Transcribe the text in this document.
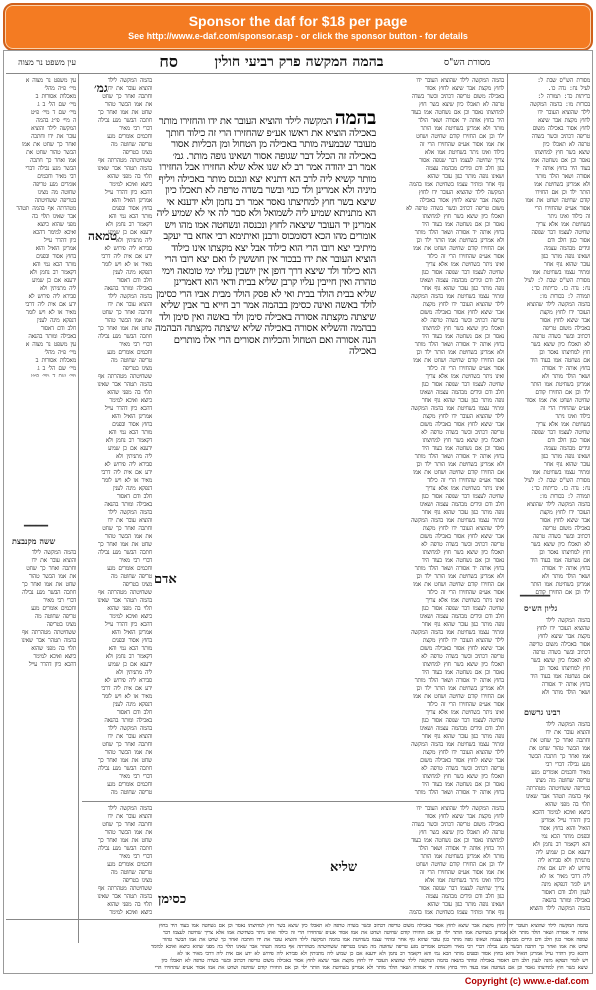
Sponsor the daf for $18 per page
See http://www.e-daf.com/sponsor.asp - or click the sponsor button - for details
מסורת הש"ס
בהמה המקשה פרק רביעי חולין
סח
עין משפט נר מצוה
עין משפט נר מצוה א
מיי׳ פ״ה מהל׳
מאכלות אסורות ב
מיי׳ שם הל׳ ב ג
מיי׳ שם ד מיי׳ פ״ט
ה מיי׳ פי״ג בהמה
המקשה לילד והוציא
עובר את ידו וחתכה
ואחר כך שחט את אמו
הבשר טהור שחט את
אמו ואחר כך חתכה
הבשר מגע נבילה דברי
רבי מאיר וחכמים
אומרים מגע טריפה
שחוטה מה מצינו
בטריפה ששחיטתה
מטהרתה אף בהמה תטהר
אבר שאינו תלוי בה
מפני שהוא כיוצא
ואיכא למימר דהכא
כיון דהדר עייל
אמרינן הואיל והוא
בחוץ אסור ובפנים
מותר הכא נמי והא
דקאמר רב נחמן ולא
ידענא אם כן שמיע
ליה מתניתין ולא
סבירא ליה פירוש לא
ידע אם אית ליה דרבי
מאיר או לא ויש לומר
דנפקא מינה לענין
חלב ודם דאסור
באכילה ומותר בהנאה
עין משפט נר מצוה א
מיי׳ פ״ה מהל׳
מאכלות אסורות ב
מיי׳ שם הל׳ ב ג
מיי׳ שם ד מיי׳ פ״ט
ששה מקנבצת
בהמה המקשה לילד
והוציא עובר את ידו
וחתכה ואחר כך שחט
את אמו הבשר טהור
שחט את אמו ואחר כך
חתכה הבשר מגע נבילה
דברי רבי מאיר
וחכמים אומרים מגע
טריפה שחוטה מה
מצינו בטריפה
ששחיטתה מטהרתה אף
בהמה תטהר אבר שאינו
תלוי בה מפני שהוא
כיוצא ואיכא למימר
דהכא כיון דהדר עייל
━━━━
בהמה המקשה לילד
והוציא עובר את ידו
וחתכה ואחר כך שחט
את אמו הבשר טהור
שחט את אמו ואחר כך
חתכה הבשר מגע נבילה
דברי רבי מאיר
וחכמים אומרים מגע
טריפה שחוטה מה
מצינו בטריפה
ששחיטתה מטהרתה אף
בהמה תטהר אבר שאינו
תלוי בה מפני שהוא
כיוצא ואיכא למימר
דהכא כיון דהדר עייל
אמרינן הואיל והוא
בחוץ אסור ובפנים
מותר הכא נמי והא
דקאמר רב נחמן ולא
ידענא אם כן שמיע
ליה מתניתין ולא
סבירא ליה פירוש לא
ידע אם אית ליה דרבי
מאיר או לא ויש לומר
דנפקא מינה לענין
חלב ודם דאסור
באכילה ומותר בהנאה
בהמה המקשה לילד
והוציא עובר את ידו
וחתכה ואחר כך שחט
את אמו הבשר טהור
שחט את אמו ואחר כך
חתכה הבשר מגע נבילה
דברי רבי מאיר
וחכמים אומרים מגע
טריפה שחוטה מה
מצינו בטריפה
ששחיטתה מטהרתה אף
בהמה תטהר אבר שאינו
תלוי בה מפני שהוא
כיוצא ואיכא למימר
דהכא כיון דהדר עייל
אמרינן הואיל והוא
בחוץ אסור ובפנים
מותר הכא נמי והא
דקאמר רב נחמן ולא
ידענא אם כן שמיע
ליה מתניתין ולא
סבירא ליה פירוש לא
ידע אם אית ליה דרבי
מאיר או לא ויש לומר
דנפקא מינה לענין
חלב ודם דאסור
באכילה ומותר בהנאה
בהמה המקשה לילד
והוציא עובר את ידו
וחתכה ואחר כך שחט
את אמו הבשר טהור
שחט את אמו ואחר כך
חתכה הבשר מגע נבילה
דברי רבי מאיר
וחכמים אומרים מגע
טריפה שחוטה מה
מצינו בטריפה
ששחיטתה מטהרתה אף
בהמה תטהר אבר שאינו
תלוי בה מפני שהוא
כיוצא ואיכא למימר
דהכא כיון דהדר עייל
אמרינן הואיל והוא
בחוץ אסור ובפנים
מותר הכא נמי והא
דקאמר רב נחמן ולא
ידענא אם כן שמיע
ליה מתניתין ולא
סבירא ליה פירוש לא
ידע אם אית ליה דרבי
מאיר או לא ויש לומר
דנפקא מינה לענין
חלב ודם דאסור
באכילה ומותר בהנאה
בהמה המקשה לילד
והוציא עובר את ידו
וחתכה ואחר כך שחט
את אמו הבשר טהור
שחט את אמו ואחר כך
חתכה הבשר מגע נבילה
דברי רבי מאיר
וחכמים אומרים מגע
טריפה שחוטה מה
גמ׳
טמאה
בהמה המקשה לילד שהוציא העובר ידו
לחוץ מקצת אבר שיצא לחוץ אסור
באכילה משום טריפה דכתיב ובשר בשדה
טרפה לא תאכלו כיון שיצא בשר חוץ
למחיצתו נאסר וכן אם נשחטה אמו בעוד
היד בחוץ אותה יד אסורה ושאר הולד
מותר ולא אמרינן בשחיטת אמו הותר
ילד וכן אם החזירו קודם שחיטה ושחט
את אמו אסור אע״פ שהחזירו הרי זה
כילוד ואינו ניתר בשחיטת אמו אלא
צריך שחיטה לעצמו דבר שגופה אסור
כגון חלב ודם וגידים מבהמה עצמה
ושאינו גופה מותר כגון עובר שהוא
גוף אחר ומתיר עצמו בשחיטת אמו בהמה
המקשה לילד שהוציא העובר ידו לחוץ
מקצת אבר שיצא לחוץ אסור באכילה
משום טריפה דכתיב ובשר בשדה טרפה לא
תאכלו כיון שיצא בשר חוץ למחיצתו
נאסר וכן אם נשחטה אמו בעוד היד
בחוץ אותה יד אסורה ושאר הולד מותר
ולא אמרינן בשחיטת אמו הותר ילד וכן
אם החזירו קודם שחיטה ושחט את אמו
אסור אע״פ שהחזירו הרי זה כילוד
ואינו ניתר בשחיטת אמו אלא צריך
שחיטה לעצמו דבר שגופה אסור כגון
חלב ודם וגידים מבהמה עצמה ושאינו
גופה מותר כגון עובר שהוא גוף אחר
ומתיר עצמו בשחיטת אמו בהמה המקשה
לילד שהוציא העובר ידו לחוץ מקצת
אבר שיצא לחוץ אסור באכילה משום
טריפה דכתיב ובשר בשדה טרפה לא
תאכלו כיון שיצא בשר חוץ למחיצתו
נאסר וכן אם נשחטה אמו בעוד היד
בחוץ אותה יד אסורה ושאר הולד מותר
ולא אמרינן בשחיטת אמו הותר ילד וכן
אם החזירו קודם שחיטה ושחט את אמו
אסור אע״פ שהחזירו הרי זה כילוד
ואינו ניתר בשחיטת אמו אלא צריך
שחיטה לעצמו דבר שגופה אסור כגון
חלב ודם וגידים מבהמה עצמה ושאינו
גופה מותר כגון עובר שהוא גוף אחר
ומתיר עצמו בשחיטת אמו בהמה המקשה
לילד שהוציא העובר ידו לחוץ מקצת
אבר שיצא לחוץ אסור באכילה משום
טריפה דכתיב ובשר בשדה טרפה לא
תאכלו כיון שיצא בשר חוץ למחיצתו
נאסר וכן אם נשחטה אמו בעוד היד
בחוץ אותה יד אסורה ושאר הולד מותר
ולא אמרינן בשחיטת אמו הותר ילד וכן
אם החזירו קודם שחיטה ושחט את אמו
אסור אע״פ שהחזירו הרי זה כילוד
ואינו ניתר בשחיטת אמו אלא צריך
שחיטה לעצמו דבר שגופה אסור כגון
חלב ודם וגידים מבהמה עצמה ושאינו
גופה מותר כגון עובר שהוא גוף אחר
ומתיר עצמו בשחיטת אמו בהמה המקשה
לילד שהוציא העובר ידו לחוץ מקצת
אבר שיצא לחוץ אסור באכילה משום
טריפה דכתיב ובשר בשדה טרפה לא
תאכלו כיון שיצא בשר חוץ למחיצתו
נאסר וכן אם נשחטה אמו בעוד היד
בחוץ אותה יד אסורה ושאר הולד מותר
ולא אמרינן בשחיטת אמו הותר ילד וכן
אם החזירו קודם שחיטה ושחט את אמו
אסור אע״פ שהחזירו הרי זה כילוד
ואינו ניתר בשחיטת אמו אלא צריך
שחיטה לעצמו דבר שגופה אסור כגון
חלב ודם וגידים מבהמה עצמה ושאינו
גופה מותר כגון עובר שהוא גוף אחר
ומתיר עצמו בשחיטת אמו בהמה המקשה
לילד שהוציא העובר ידו לחוץ מקצת
אבר שיצא לחוץ אסור באכילה משום
טריפה דכתיב ובשר בשדה טרפה לא
תאכלו כיון שיצא בשר חוץ למחיצתו
נאסר וכן אם נשחטה אמו בעוד היד
בחוץ אותה יד אסורה ושאר הולד מותר
ולא אמרינן בשחיטת אמו הותר ילד וכן
אם החזירו קודם שחיטה ושחט את אמו
אסור אע״פ שהחזירו הרי זה כילוד
ואינו ניתר בשחיטת אמו אלא צריך
שחיטה לעצמו דבר שגופה אסור כגון
חלב ודם וגידים מבהמה עצמה ושאינו
גופה מותר כגון עובר שהוא גוף אחר
ומתיר עצמו בשחיטת אמו בהמה המקשה
לילד שהוציא העובר ידו לחוץ מקצת
אבר שיצא לחוץ אסור באכילה משום
טריפה דכתיב ובשר בשדה טרפה לא
תאכלו כיון שיצא בשר חוץ למחיצתו
נאסר וכן אם נשחטה אמו בעוד היד
בחוץ אותה יד אסורה ושאר הולד מותר
בהמה המקשה לילד והוציא העובר את ידו והחזירו מותר באכילה הוציא את ראשו אע״פ שהחזירו הרי זה כילוד חותך מעובר שבמעיה מותר באכילה מן הטחול ומן הכליות אסור באכילה זה הכלל דבר שגופה אסור ושאינו גופה מותר. גמ׳ אמר רב יהודה אמר רב לא שנו אלא שלא החזירו אבל החזירו מותר קשיא ליה לרב הא דתניא יצא ונכנס מותר באכילה ויליף מיניה ולא אמרינן ולד כנוי ובשר בשדה טרפה לא תאכלו כיון שיצא בשר חוץ למחיצתו נאסר אמר רב נחמן ולא ידענא אי הא מתניתא שמיע ליה לשמואל ולא סבר לה אי לא שמיע ליה אמרינן יד העובר שיצאה לחוץ ונכנסה ונשחטה אמו מהו ויש אומרים מהו הכא דסומכוס ורבנן ואיתימא רבי אחא בר יעקב מיתיבי יצא רובו הרי הוא כילוד אבל יצא מקצתו אינו כילוד הוציא העובר את ידו בבכור אין חוששין לו ואם יצא רובו הרי הוא כילוד ולד שיצא דרך דופן אין יושבין עליו ימי טומאה וימי טהרה ואין חייבין עליו קרבן שליא בבית ודאי הוא דאמרינן שליא בבית הולד בבית ואי לא פסק הולד מבית אביו הרי כסימן לולד באשה ואינה כסימן בבהמה אמר רב חייא בר אבין שליא שיצתה מקצתה אסורה באכילה סימן ולד באשה ואין סימן ולד בבהמה והשליא אסורה באכילה שליא שיצתה מקצתה הבהמה הנה אסורה ואם הטחול והכליות אסורים הרי אלו מותרים באכילה
שליא
כסימן
אדם
בהמה המקשה לילד
והוציא עובר את ידו
וחתכה ואחר כך שחט
את אמו הבשר טהור
שחט את אמו ואחר כך
חתכה הבשר מגע נבילה
דברי רבי מאיר
וחכמים אומרים מגע
טריפה שחוטה מה
מצינו בטריפה
ששחיטתה מטהרתה אף
בהמה תטהר אבר שאינו
תלוי בה מפני שהוא
כיוצא ואיכא למימר
בהמה המקשה לילד שהוציא העובר ידו
לחוץ מקצת אבר שיצא לחוץ אסור
באכילה משום טריפה דכתיב ובשר בשדה
טרפה לא תאכלו כיון שיצא בשר חוץ
למחיצתו נאסר וכן אם נשחטה אמו בעוד
היד בחוץ אותה יד אסורה ושאר הולד
מותר ולא אמרינן בשחיטת אמו הותר
ילד וכן אם החזירו קודם שחיטה ושחט
את אמו אסור אע״פ שהחזירו הרי זה
כילוד ואינו ניתר בשחיטת אמו אלא
צריך שחיטה לעצמו דבר שגופה אסור
כגון חלב ודם וגידים מבהמה עצמה
ושאינו גופה מותר כגון עובר שהוא
גוף אחר ומתיר עצמו בשחיטת אמו בהמה
מסורת הש"ס שבת ל:
לעיל נח: נדה כו.
כריתות כד: תמורה ל:
בכורות מו: בהמה המקשה
לילד שהוציא העובר ידו
לחוץ מקצת אבר שיצא
לחוץ אסור באכילה משום
טריפה דכתיב ובשר בשדה
טרפה לא תאכלו כיון
שיצא בשר חוץ למחיצתו
נאסר וכן אם נשחטה אמו
בעוד היד בחוץ אותה יד
אסורה ושאר הולד מותר
ולא אמרינן בשחיטת אמו
הותר ילד וכן אם החזירו
קודם שחיטה ושחט את אמו
אסור אע״פ שהחזירו הרי
זה כילוד ואינו ניתר
בשחיטת אמו אלא צריך
שחיטה לעצמו דבר שגופה
אסור כגון חלב ודם
וגידים מבהמה עצמה
ושאינו גופה מותר כגון
עובר שהוא גוף אחר
ומתיר עצמו בשחיטת אמו
מסורת הש"ס שבת ל: לעיל
נח: נדה כו. כריתות כד:
תמורה ל: בכורות מו:
בהמה המקשה לילד שהוציא
העובר ידו לחוץ מקצת
אבר שיצא לחוץ אסור
באכילה משום טריפה
דכתיב ובשר בשדה טרפה
לא תאכלו כיון שיצא בשר
חוץ למחיצתו נאסר וכן
אם נשחטה אמו בעוד היד
בחוץ אותה יד אסורה
ושאר הולד מותר ולא
אמרינן בשחיטת אמו הותר
ילד וכן אם החזירו קודם
שחיטה ושחט את אמו אסור
אע״פ שהחזירו הרי זה
כילוד ואינו ניתר
בשחיטת אמו אלא צריך
שחיטה לעצמו דבר שגופה
אסור כגון חלב ודם
וגידים מבהמה עצמה
ושאינו גופה מותר כגון
עובר שהוא גוף אחר
ומתיר עצמו בשחיטת אמו
מסורת הש"ס שבת ל: לעיל
נח: נדה כו. כריתות כד:
תמורה ל: בכורות מו:
בהמה המקשה לילד שהוציא
העובר ידו לחוץ מקצת
אבר שיצא לחוץ אסור
באכילה משום טריפה
דכתיב ובשר בשדה טרפה
לא תאכלו כיון שיצא בשר
חוץ למחיצתו נאסר וכן
אם נשחטה אמו בעוד היד
בחוץ אותה יד אסורה
ושאר הולד מותר ולא
אמרינן בשחיטת אמו הותר
ילד וכן אם החזירו קודם
גליון הש״ס
━━━━━
בהמה המקשה לילד
שהוציא העובר ידו לחוץ
מקצת אבר שיצא לחוץ
אסור באכילה משום טריפה
דכתיב ובשר בשדה טרפה
לא תאכלו כיון שיצא בשר
חוץ למחיצתו נאסר וכן
אם נשחטה אמו בעוד היד
בחוץ אותה יד אסורה
ושאר הולד מותר ולא
רבינו גרשום
בהמה המקשה לילד
והוציא עובר את ידו
וחתכה ואחר כך שחט את
אמו הבשר טהור שחט את
אמו ואחר כך חתכה הבשר
מגע נבילה דברי רבי
מאיר וחכמים אומרים מגע
טריפה שחוטה מה מצינו
בטריפה ששחיטתה מטהרתה
אף בהמה תטהר אבר שאינו
תלוי בה מפני שהוא
כיוצא ואיכא למימר דהכא
כיון דהדר עייל אמרינן
הואיל והוא בחוץ אסור
ובפנים מותר הכא נמי
והא דקאמר רב נחמן ולא
ידענא אם כן שמיע ליה
מתניתין ולא סבירא ליה
פירוש לא ידע אם אית
ליה דרבי מאיר או לא
ויש לומר דנפקא מינה
לענין חלב ודם דאסור
באכילה ומותר בהנאה
בהמה המקשה לילד והוציא
בהמה המקשה לילד שהוציא העובר ידו לחוץ מקצת אבר שיצא לחוץ אסור באכילה משום טריפה דכתיב ובשר בשדה טרפה לא תאכלו כיון שיצא בשר חוץ למחיצתו נאסר וכן אם נשחטה אמו בעוד היד בחוץ
אותה יד אסורה ושאר הולד מותר ולא אמרינן בשחיטת אמו הותר ילד וכן אם החזירו קודם שחיטה ושחט את אמו אסור אע״פ שהחזירו הרי זה כילוד ואינו ניתר בשחיטת אמו אלא צריך שחיטה לעצמו דבר
שגופה אסור כגון חלב ודם וגידים מבהמה עצמה ושאינו גופה מותר כגון עובר שהוא גוף אחר ומתיר עצמו בשחיטת אמו בהמה המקשה לילד והוציא עובר את ידו וחתכה ואחר כך שחט את אמו הבשר טהור
שחט את אמו ואחר כך חתכה הבשר מגע נבילה דברי רבי מאיר וחכמים אומרים מגע טריפה שחוטה מה מצינו בטריפה ששחיטתה מטהרתה אף בהמה תטהר אבר שאינו תלוי בה מפני שהוא כיוצא ואיכא למימר
דהכא כיון דהדר עייל אמרינן הואיל והוא בחוץ אסור ובפנים מותר הכא נמי והא דקאמר רב נחמן ולא ידענא אם כן שמיע ליה מתניתין ולא סבירא ליה פירוש לא ידע אם אית ליה דרבי מאיר או לא
ויש לומר דנפקא מינה לענין חלב ודם דאסור באכילה ומותר בהנאה בהמה המקשה לילד שהוציא העובר ידו לחוץ מקצת אבר שיצא לחוץ אסור באכילה משום טריפה דכתיב ובשר בשדה טרפה לא תאכלו כיון
שיצא בשר חוץ למחיצתו נאסר וכן אם נשחטה אמו בעוד היד בחוץ אותה יד אסורה ושאר הולד מותר ולא אמרינן בשחיטת אמו הותר ילד וכן אם החזירו קודם שחיטה ושחט את אמו אסור אע״פ שהחזירו הרי
Copyright (c) www.e-daf.com
